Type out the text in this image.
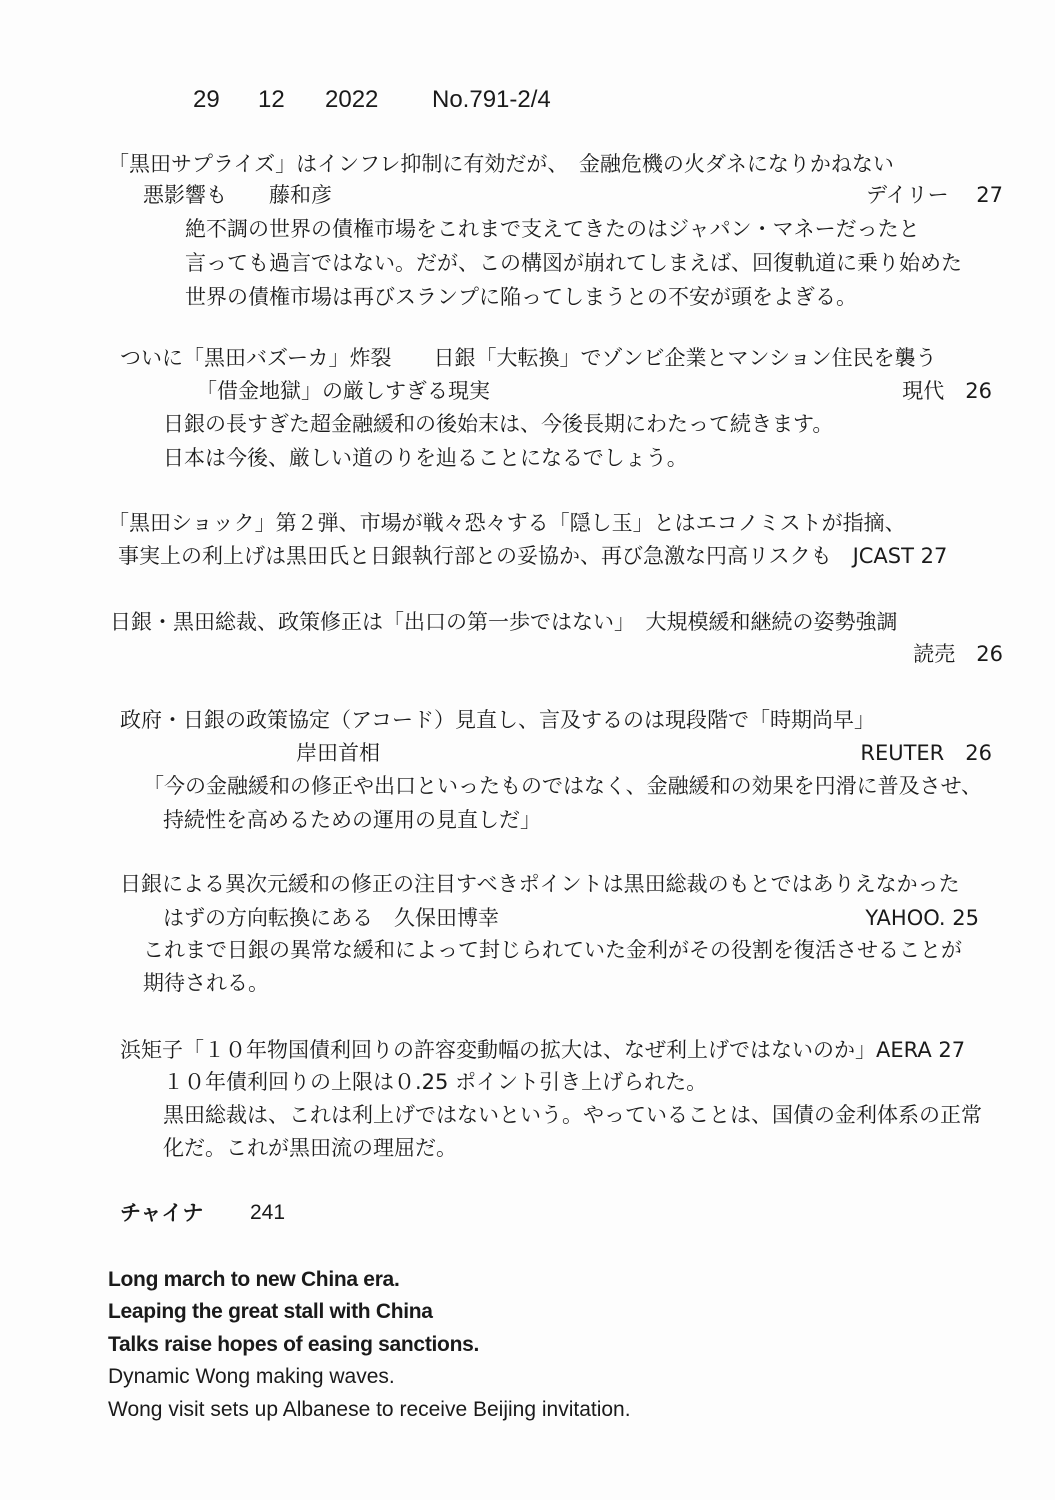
29 12 2022 No.791-2/4
「黒田サプライズ」はインフレ抑制に有効だが、　金融危機の火ダネになりかねない
悪影響も　　藤和彦	デイリー　 27
絶不調の世界の債権市場をこれまで支えてきたのはジャパン・マネーだったと
言っても過言ではない。だが、この構図が崩れてしまえば、回復軌道に乗り始めた
世界の債権市場は再びスランプに陥ってしまうとの不安が頭をよぎる。
ついに「黒田バズーカ」炸裂　　日銀「大転換」でゾンビ企業とマンション住民を襲う
「借金地獄」の厳しすぎる現実	現代　26
日銀の長すぎた超金融緩和の後始末は、今後長期にわたって続きます。
日本は今後、厳しい道のりを辿ることになるでしょう。
「黒田ショック」第２弾、市場が戦々恐々する「隠し玉」とはエコノミストが指摘、
事実上の利上げは黒田氏と日銀執行部との妥協か、再び急激な円高リスクも　JCAST 27
日銀・黒田総裁、政策修正は「出口の第一歩ではない」　大規模緩和継続の姿勢強調
読売　26
政府・日銀の政策協定（アコード）見直し、言及するのは現段階で「時期尚早」
岸田首相	REUTER　26
「今の金融緩和の修正や出口といったものではなく、金融緩和の効果を円滑に普及させ、
持続性を高めるための運用の見直しだ」
日銀による異次元緩和の修正の注目すべきポイントは黒田総裁のもとではありえなかった
はずの方向転換にある　久保田博幸	YAHOO. 25
これまで日銀の異常な緩和によって封じられていた金利がその役割を復活させることが
期待される。
浜矩子「１０年物国債利回りの許容変動幅の拡大は、なぜ利上げではないのか」AERA 27
１０年債利回りの上限は０.25 ポイント引き上げられた。
黒田総裁は、これは利上げではないという。やっていることは、国債の金利体系の正常
化だ。これが黒田流の理屈だ。
チャイナ 241
Long march to new China era.
Leaping the great stall with China
Talks raise hopes of easing sanctions.
Dynamic Wong making waves.
Wong visit sets up Albanese to receive Beijing invitation.
